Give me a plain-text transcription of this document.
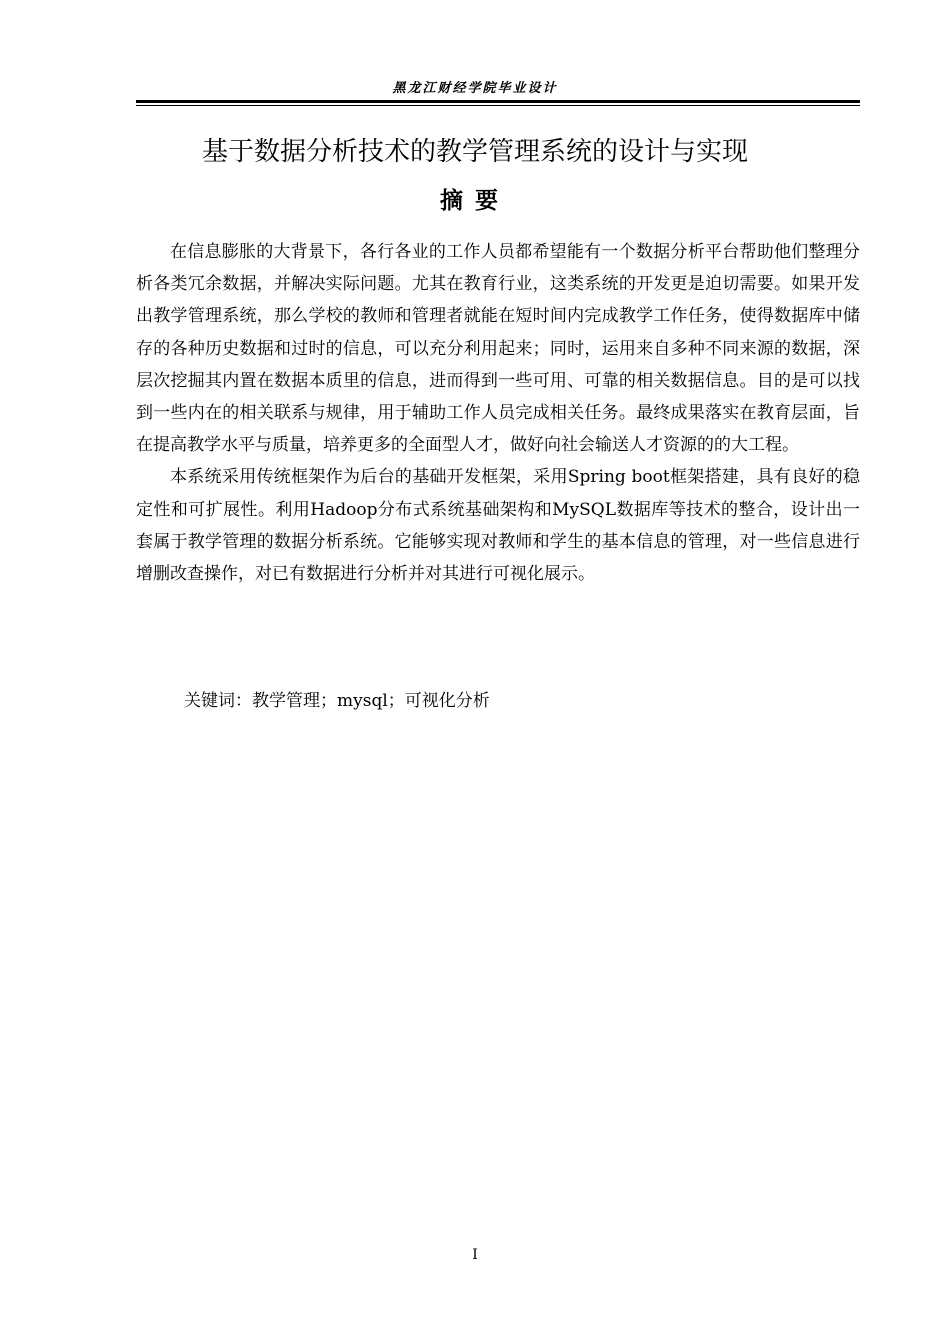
黑龙江财经学院毕业设计
基于数据分析技术的教学管理系统的设计与实现
摘要

在信息膨胀的大背景下，各行各业的工作人员都希望能有一个数据分析平台帮助他们整理分析各类冗余数据，并解决实际问题。尤其在教育行业，这类系统的开发更是迫切需要。如果开发出教学管理系统，那么学校的教师和管理者就能在短时间内完成教学工作任务，使得数据库中储存的各种历史数据和过时的信息，可以充分利用起来；同时，运用来自多种不同来源的数据，深层次挖掘其内置在数据本质里的信息，进而得到一些可用、可靠的相关数据信息。目的是可以找到一些内在的相关联系与规律，用于辅助工作人员完成相关任务。最终成果落实在教育层面，旨在提高教学水平与质量，培养更多的全面型人才，做好向社会输送人才资源的的大工程。

本系统采用传统框架作为后台的基础开发框架，采用Spring boot框架搭建，具有良好的稳定性和可扩展性。利用Hadoop分布式系统基础架构和MySQL数据库等技术的整合，设计出一套属于教学管理的数据分析系统。它能够实现对教师和学生的基本信息的管理，对一些信息进行增删改查操作，对已有数据进行分析并对其进行可视化展示。

关键词：教学管理；mysql；可视化分析
I
